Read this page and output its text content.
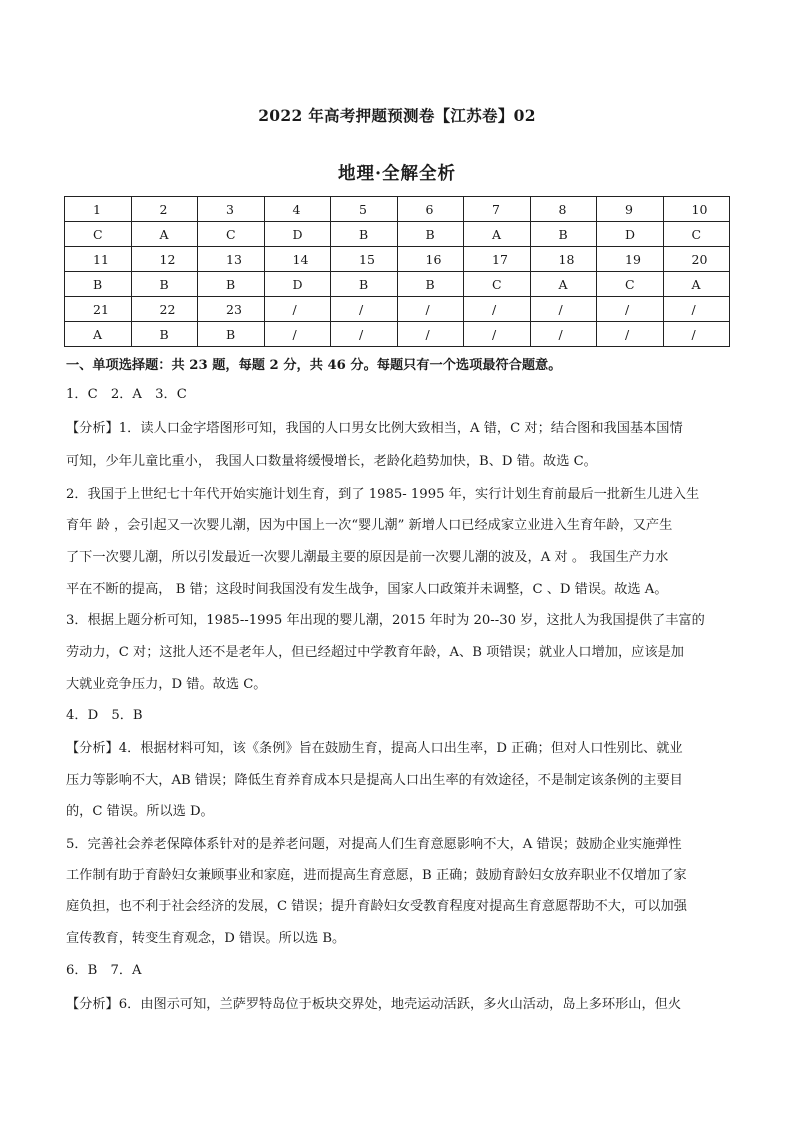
2022 年高考押题预测卷【江苏卷】02
地理·全解全析
1	2	3	4	5	6	7	8	9	10
C	A	C	D	B	B	A	B	D	C
11	12	13	14	15	16	17	18	19	20
B	B	B	D	B	B	C	A	C	A
21	22	23	/	/	/	/	/	/	/
A	B	B	/	/	/	/	/	/	/
一、单项选择题：共 23 题，每题 2 分，共 46 分。每题只有一个选项最符合题意。
1．C　2．A　3．C
【分析】1．读人口金字塔图形可知，我国的人口男女比例大致相当，A 错，C 对；结合图和我国基本国情
可知，少年儿童比重小， 我国人口数量将缓慢增长，老龄化趋势加快，B、D 错。故选 C。
2．我国于上世纪七十年代开始实施计划生育，到了 1985- 1995 年，实行计划生育前最后一批新生儿进入生
育年 龄 ，会引起又一次婴儿潮，因为中国上一次“婴儿潮” 新增人口已经成家立业进入生育年龄，又产生
了下一次婴儿潮，所以引发最近一次婴儿潮最主要的原因是前一次婴儿潮的波及，A 对 。 我国生产力水
平在不断的提高， B 错；这段时间我国没有发生战争，国家人口政策并未调整，C 、D 错误。故选 A。
3．根据上题分析可知，1985--1995 年出现的婴儿潮，2015 年时为 20--30 岁，这批人为我国提供了丰富的
劳动力，C 对；这批人还不是老年人，但已经超过中学教育年龄，A、B 项错误；就业人口增加，应该是加
大就业竞争压力，D 错。故选 C。
4．D　5．B
【分析】4．根据材料可知，该《条例》旨在鼓励生育，提高人口出生率，D 正确；但对人口性别比、就业
压力等影响不大，AB 错误；降低生育养育成本只是提高人口出生率的有效途径，不是制定该条例的主要目
的，C 错误。所以选 D。
5．完善社会养老保障体系针对的是养老问题，对提高人们生育意愿影响不大，A 错误；鼓励企业实施弹性
工作制有助于育龄妇女兼顾事业和家庭，进而提高生育意愿，B 正确；鼓励育龄妇女放弃职业不仅增加了家
庭负担，也不利于社会经济的发展，C 错误；提升育龄妇女受教育程度对提高生育意愿帮助不大，可以加强
宣传教育，转变生育观念，D 错误。所以选 B。
6．B　7．A
【分析】6．由图示可知，兰萨罗特岛位于板块交界处，地壳运动活跃，多火山活动，岛上多环形山，但火
